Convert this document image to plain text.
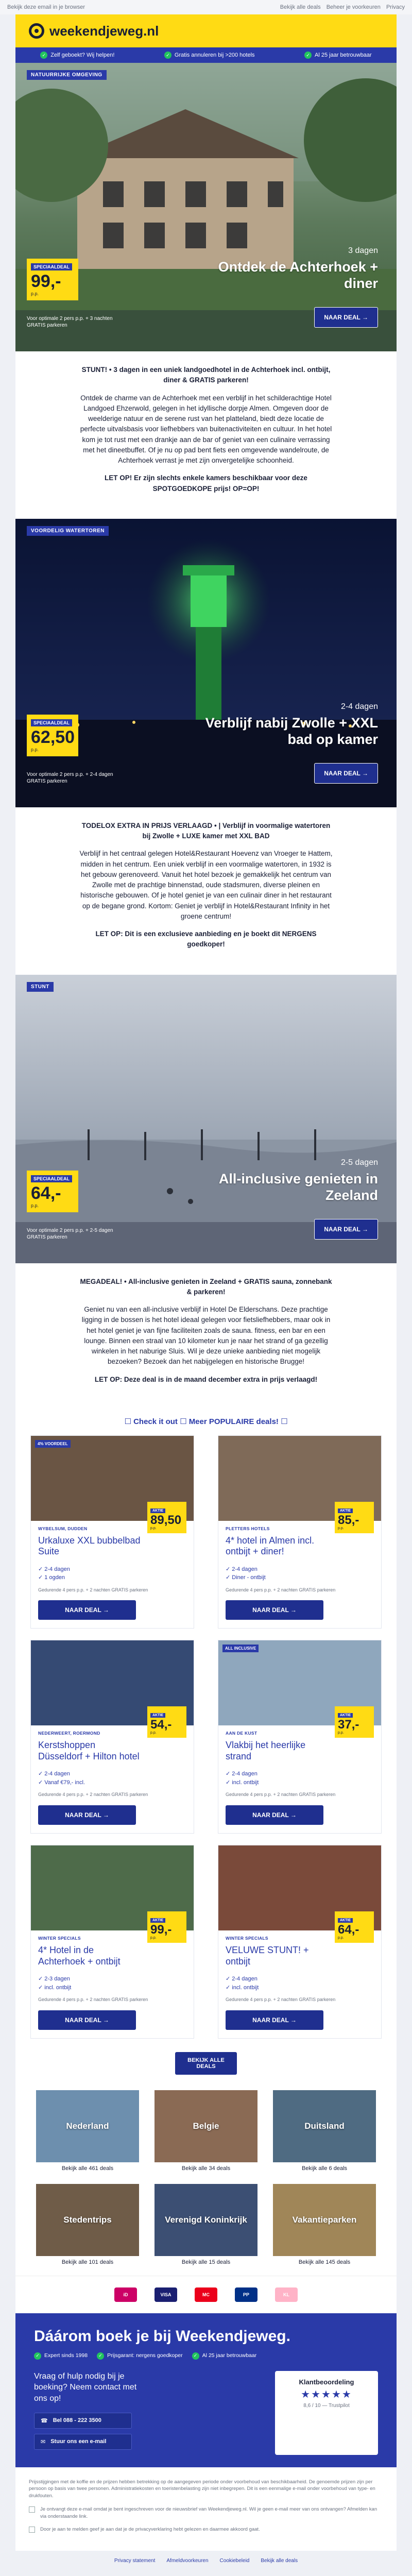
Bekijk deze email in je browser	Bekijk alle deals Beheer je voorkeuren Privacy
weekendjeweg.nl
✓ Zelf geboekt? Wij helpen!	✓ Gratis annuleren bij >200 hotels	✓ Al 25 jaar betrouwbaar
NATUURRIJKE OMGEVING
SPECIAALDEAL
99,-
p.p.
3 dagen
Ontdek de Achterhoek + diner
Voor optimale 2 pers p.p. + 3 nachten GRATIS parkeren
NAAR DEAL →

STUNT! • 3 dagen in een uniek landgoedhotel in de Achterhoek incl. ontbijt, diner & GRATIS parkeren!

Ontdek de charme van de Achterhoek met een verblijf in het schilderachtige Hotel Landgoed Ehzerwold, gelegen in het idyllische dorpje Almen. Omgeven door de weelderige natuur en de serene rust van het platteland, biedt deze locatie de perfecte uitvalsbasis voor liefhebbers van buitenactiviteiten en cultuur. In het hotel kom je tot rust met een drankje aan de bar of geniet van een culinaire verrassing met het dineetbuffet. Of je nu op pad bent fiets een omgevende wandelroute, de Achterhoek verrast je met zijn onvergetelijke schoonheid.

LET OP! Er zijn slechts enkele kamers beschikbaar voor deze SPOTGOEDKOPE prijs! OP=OP!

VOORDELIG WATERTOREN
SPECIAALDEAL
62,50
p.p.
2-4 dagen
Verblijf nabij Zwolle + XXL bad op kamer
Voor optimale 2 pers p.p. + 2-4 dagen GRATIS parkeren
NAAR DEAL →

TODELOX EXTRA IN PRIJS VERLAAGD • | Verblijf in voormalige watertoren bij Zwolle + LUXE kamer met XXL BAD

Verblijf in het centraal gelegen Hotel&Restaurant Hoevenz van Vroeger te Hattem, midden in het centrum. Een uniek verblijf in een voormalige watertoren, in 1932 is het gebouw gerenoveerd. Vanuit het hotel bezoek je gemakkelijk het centrum van Zwolle met de prachtige binnenstad, oude stadsmuren, diverse pleinen en historische gebouwen. Of je hotel geniet je van een culinair diner in het restaurant op de begane grond. Kortom: Geniet je verblijf in Hotel&Restaurant Infinity in het groene centrum!

LET OP: Dit is een exclusieve aanbieding en je boekt dit NERGENS goedkoper!

STUNT
SPECIAALDEAL
64,-
p.p.
2-5 dagen
All-inclusive genieten in Zeeland
Voor optimale 2 pers p.p. + 2-5 dagen GRATIS parkeren
NAAR DEAL →

MEGADEAL! • All-inclusive genieten in Zeeland + GRATIS sauna, zonnebank & parkeren!

Geniet nu van een all-inclusive verblijf in Hotel De Elderschans. Deze prachtige ligging in de bossen is het hotel ideaal gelegen voor fietsliefhebbers, maar ook in het hotel geniet je van fijne faciliteiten zoals de sauna. fitness, een bar en een lounge. Binnen een straal van 10 kilometer kun je naar het strand of ga gezellig winkelen in het naburige Sluis. Wil je deze unieke aanbieding niet mogelijk bezoeken? Bezoek dan het nabijgelegen en historische Brugge!

LET OP: Deze deal is in de maand december extra in prijs verlaagd!

☐ Check it out ☐ Meer POPULAIRE deals! ☐
4% VOORDEEL
AKTIE
89,50
p.p.
WYBELSUM, DUDDEN
Urkaluxe XXL bubbelbad Suite
✓ 2-4 dagen
✓ 1 ogden
Gedurende 4 pers p.p. + 2 nachten GRATIS parkeren
NAAR DEAL →
AKTIE
85,-
p.p.
PLETTERS HOTELS
4* hotel in Almen incl. ontbijt + diner!
✓ 2-4 dagen
✓ Diner - ontbijt
Gedurende 4 pers p.p. + 2 nachten GRATIS parkeren
NAAR DEAL →
AKTIE
54,-
p.p.
NEDERWEERT, ROERMOND
Kerstshoppen Düsseldorf + Hilton hotel
✓ 2-4 dagen
✓ Vanaf €79,- incl.
Gedurende 4 pers p.p. + 2 nachten GRATIS parkeren
NAAR DEAL →
ALL INCLUSIVE
AKTIE
37,-
p.p.
AAN DE KUST
Vlakbij het heerlijke strand
✓ 2-4 dagen
✓ incl. ontbijt
Gedurende 4 pers p.p. + 2 nachten GRATIS parkeren
NAAR DEAL →
AKTIE
99,-
p.p.
WINTER SPECIALS
4* Hotel in de Achterhoek + ontbijt
✓ 2-3 dagen
✓ incl. ontbijt
Gedurende 4 pers p.p. + 2 nachten GRATIS parkeren
NAAR DEAL →
AKTIE
64,-
p.p.
WINTER SPECIALS
VELUWE STUNT! + ontbijt
✓ 2-4 dagen
✓ incl. ontbijt
Gedurende 4 pers p.p. + 2 nachten GRATIS parkeren
NAAR DEAL →
BEKIJK ALLE DEALS
Nederland
Bekijk alle 461 deals
Belgie
Bekijk alle 34 deals
Duitsland
Bekijk alle 6 deals
Stedentrips
Bekijk alle 101 deals
Verenigd Koninkrijk
Bekijk alle 15 deals
Vakantieparken
Bekijk alle 145 deals
iD	VISA	MC	PP	KL
Dáárom boek je bij Weekendjeweg.
✓ Expert sinds 1998	✓ Prijsgarant: nergens goedkoper	✓ Al 25 jaar betrouwbaar
Vraag of hulp nodig bij je boeking? Neem contact met ons op!
☎ Bel 088 - 222 3500
✉ Stuur ons een e-mail
Klantbeoordeling
★★★★★
8,6 / 10 — Trustpilot

Prijsstijgingen met de koffie en de prijzen hebben betrekking op de aangegeven periode onder voorbehoud van beschikbaarheid. De genoemde prijzen zijn per persoon op basis van twee personen. Administratiekosten en toeristenbelasting zijn niet inbegrepen. Dit is een eenmalige e-mail onder voorbehoud van type- en drukfouten.

Je ontvangt deze e-mail omdat je bent ingeschreven voor de nieuwsbrief van Weekendjeweg.nl. Wil je geen e-mail meer van ons ontvangen? Afmelden kan via onderstaande link.
Door je aan te melden geef je aan dat je de privacyverklaring hebt gelezen en daarmee akkoord gaat.
Privacy statement Afmeldvoorkeuren Cookiebeleid Bekijk alle deals
